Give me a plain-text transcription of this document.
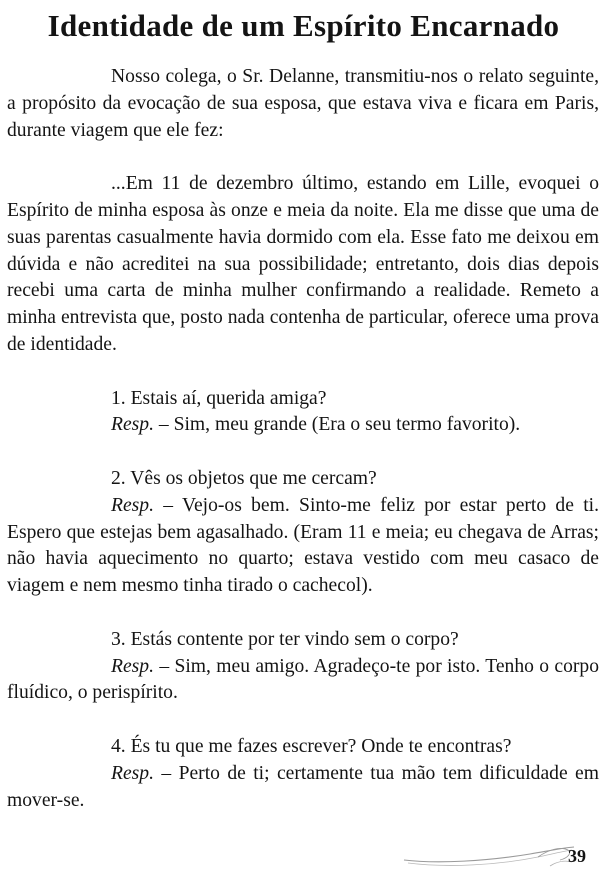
Identidade de um Espírito Encarnado

Nosso colega, o Sr. Delanne, transmitiu-nos o relato seguinte, a propósito da evocação de sua esposa, que estava viva e ficara em Paris, durante viagem que ele fez:

...Em 11 de dezembro último, estando em Lille, evoquei o Espírito de minha esposa às onze e meia da noite. Ela me disse que uma de suas parentas casualmente havia dormido com ela. Esse fato me deixou em dúvida e não acreditei na sua possibilidade; entretanto, dois dias depois recebi uma carta de minha mulher confirmando a realidade. Remeto a minha entrevista que, posto nada contenha de particular, oferece uma prova de identidade.

1. Estais aí, querida amiga?

Resp. – Sim, meu grande (Era o seu termo favorito).

2. Vês os objetos que me cercam?

Resp. – Vejo-os bem. Sinto-me feliz por estar perto de ti. Espero que estejas bem agasalhado. (Eram 11 e meia; eu chegava de Arras; não havia aquecimento no quarto; estava vestido com meu casaco de viagem e nem mesmo tinha tirado o cachecol).

3. Estás contente por ter vindo sem o corpo?

Resp. – Sim, meu amigo. Agradeço-te por isto. Tenho o corpo fluídico, o perispírito.

4. És tu que me fazes escrever? Onde te encontras?

Resp. – Perto de ti; certamente tua mão tem dificuldade em mover-se.

39
